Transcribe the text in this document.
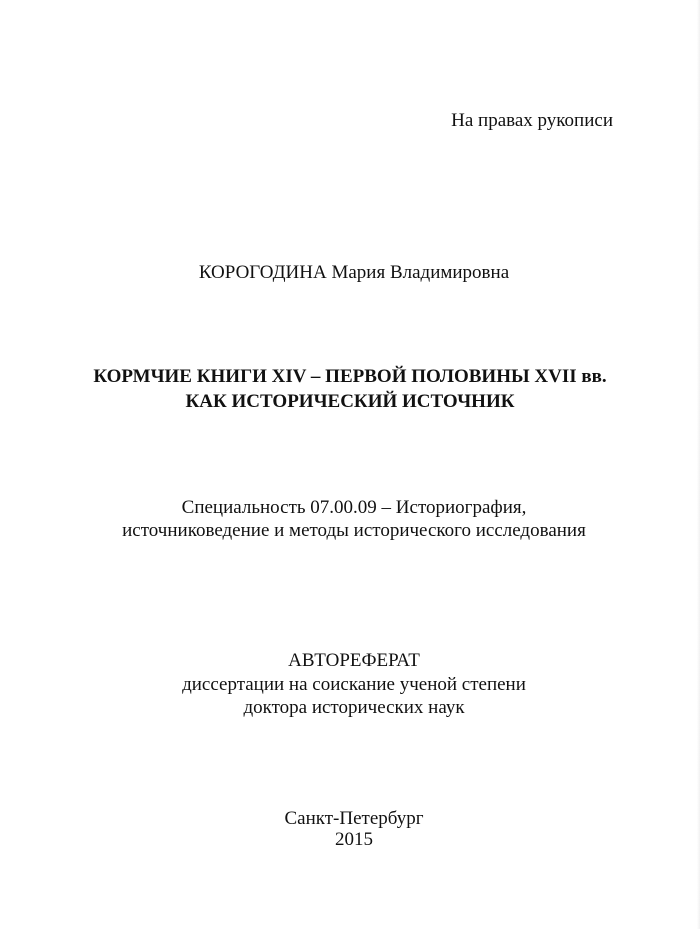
На правах рукописи
КОРОГОДИНА Мария Владимировна
КОРМЧИЕ КНИГИ XIV – ПЕРВОЙ ПОЛОВИНЫ XVII вв.
КАК ИСТОРИЧЕСКИЙ ИСТОЧНИК
Специальность 07.00.09 – Историография,
источниковедение и методы исторического исследования
АВТОРЕФЕРАТ
диссертации на соискание ученой степени
доктора исторических наук
Санкт-Петербург
2015
